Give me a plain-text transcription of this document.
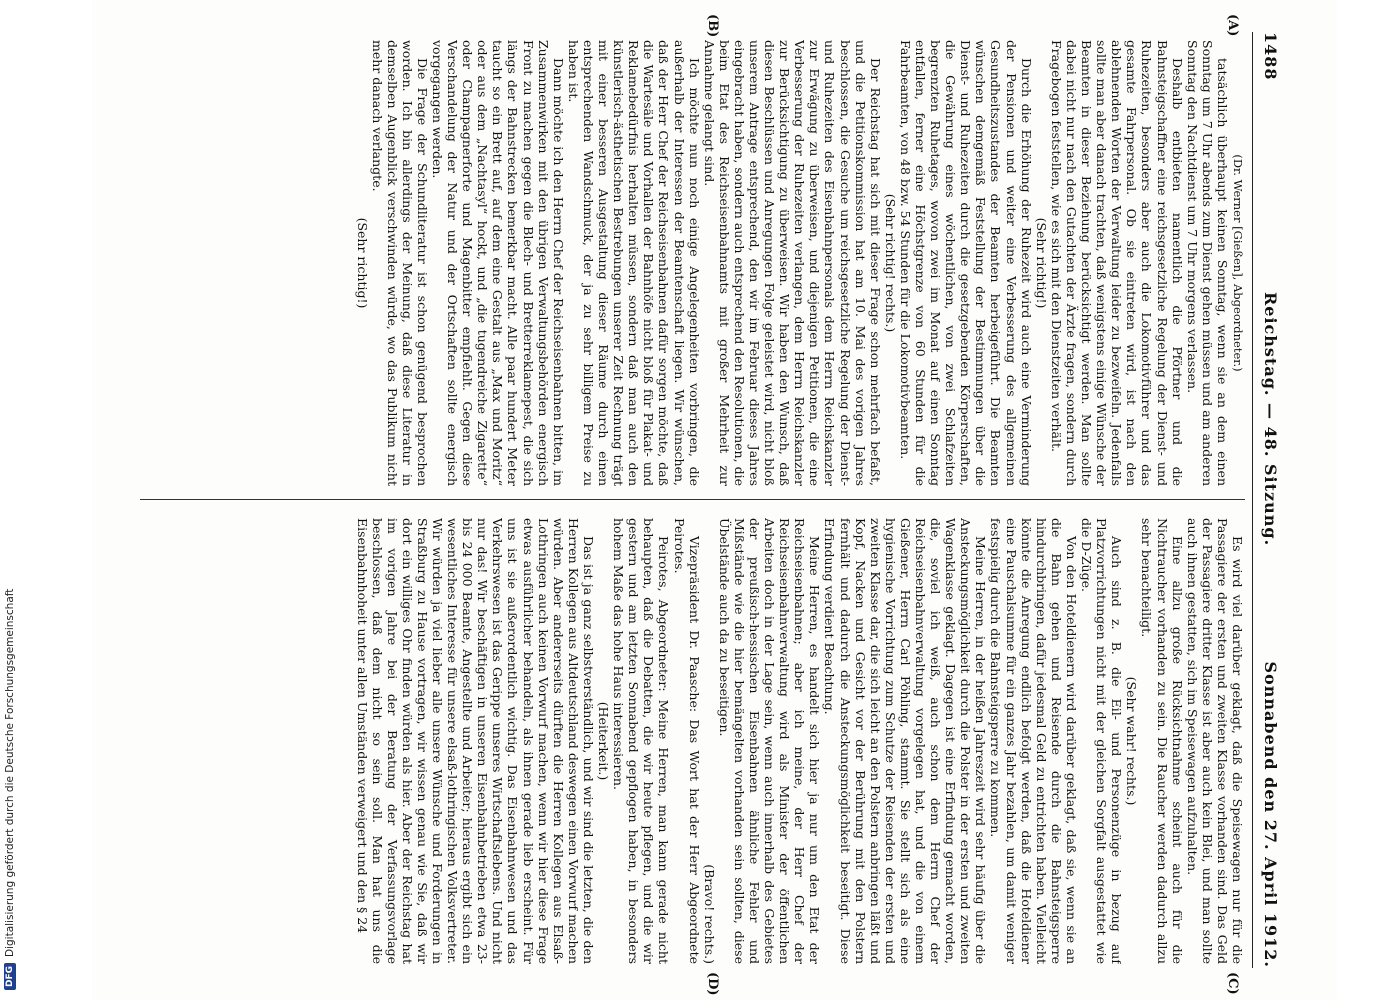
DFG
Digitalisierung gefördert durch die Deutsche Forschungsgemeinschaft
1488
Reichstag. — 48. Sitzung.
Sonnabend den 27. April 1912.
(A)
(B)
(C)
(D)

(Dr. Werner [Gießen], Abgeordneter.)

tatsächlich überhaupt keinen Sonntag, wenn sie an dem einen Sonntag um 7 Uhr abends zum Dienst gehen müssen und am anderen Sonntag den Nachtdienst um 7 Uhr morgens verlassen.

Deshalb entbieten namentlich die Pförtner und die Bahnsteigschaffner eine reichsgesetzliche Regelung der Dienst- und Ruhezeiten, besonders aber auch die Lokomotivführer und das gesamte Fahrpersonal. Ob sie eintreten wird, ist nach den ablehnenden Worten der Verwaltung leider zu bezweifeln. Jedenfalls sollte man aber danach trachten, daß wenigstens einige Wünsche der Beamten in dieser Beziehung berücksichtigt werden. Man sollte dabei nicht nur nach den Gutachten der Ärzte fragen, sondern durch Fragebogen feststellen, wie es sich mit den Dienstzeiten verhält.

(Sehr richtig!)

Durch die Erhöhung der Ruhezeit wird auch eine Verminderung der Pensionen und weiter eine Verbesserung des allgemeinen Gesundheitszustandes der Beamten herbeigeführt. Die Beamten wünschen demgemäß Feststellung der Bestimmungen über die Dienst- und Ruhezeiten durch die gesetzgebenden Körperschaften, die Gewährung eines wöchentlichen, von zwei Schlafzeiten begrenzten Ruhetages, wovon zwei im Monat auf einen Sonntag entfallen, ferner eine Höchstgrenze von 60 Stunden für die Fahrbeamten, von 48 bzw. 54 Stunden für die Lokomotivbeamten.

(Sehr richtig! rechts.)

Der Reichstag hat sich mit dieser Frage schon mehrfach befaßt, und die Petitionskommission hat am 10. Mai des vorigen Jahres beschlossen, die Gesuche um reichsgesetzliche Regelung der Dienst- und Ruhezeiten des Eisenbahnpersonals dem Herrn Reichskanzler zur Erwägung zu überweisen, und diejenigen Petitionen, die eine Verbesserung der Ruhezeiten verlangen, dem Herrn Reichskanzler zur Berücksichtigung zu überweisen. Wir haben den Wunsch, daß diesen Beschlüssen und Anregungen Folge geleistet wird, nicht bloß unserem Antrage entsprechend, den wir im Februar dieses Jahres eingebracht haben, sondern auch entsprechend den Resolutionen, die beim Etat des Reichseisenbahnamts mit großer Mehrheit zur Annahme gelangt sind.

Ich möchte nun noch einige Angelegenheiten vorbringen, die außerhalb der Interessen der Beamtenschaft liegen. Wir wünschen, daß der Herr Chef der Reichseisenbahnen dafür sorgen möchte, daß die Wartesäle und Vorhallen der Bahnhöfe nicht bloß für Plakat- und Reklamebedürfnis herhalten müssen, sondern daß man auch den künstlerisch-ästhetischen Bestrebungen unserer Zeit Rechnung trägt mit einer besseren Ausgestaltung dieser Räume durch einen entsprechenden Wandschmuck, der ja zu sehr billigem Preise zu haben ist.

Dann möchte ich den Herrn Chef der Reichseisenbahnen bitten, im Zusammenwirken mit den übrigen Verwaltungsbehörden energisch Front zu machen gegen die Blech- und Bretterreklamepest, die sich längs der Bahnstrecken bemerkbar macht. Alle paar hundert Meter taucht so ein Brett auf, auf dem eine Gestalt aus „Max und Moritz“ oder aus dem „Nachtasyl“ hockt, und „die tugendreiche Zigarette“ oder Champagnerforte und Magenbitter empfiehlt. Gegen diese Verschandelung der Natur und der Ortschaften sollte energisch vorgegangen werden.

Die Frage der Schundliteratur ist schon genügend besprochen worden. Ich bin allerdings der Meinung, daß diese Literatur in demselben Augenblick verschwinden würde, wo das Publikum nicht mehr danach verlangte.

(Sehr richtig!)

Es wird viel darüber geklagt, daß die Speisewagen nur für die Passagiere der ersten und zweiten Klasse vorhanden sind. Das Geld der Passagiere dritter Klasse ist aber auch kein Blei, und man sollte auch ihnen gestatten, sich im Speisewagen aufzuhalten.

Eine allzu große Rücksichtnahme scheint auch für die Nichtraucher vorhanden zu sein. Die Raucher werden dadurch allzu sehr benachteiligt.

(Sehr wahr! rechts.)

Auch sind z. B. die Eil- und Personenzüge in bezug auf Platzvorrichtungen nicht mit der gleichen Sorgfalt ausgestattet wie die D-Züge.

Von den Hoteldienern wird darüber geklagt, daß sie, wenn sie an die Bahn gehen und Reisende durch die Bahnsteigsperre hindurchbringen, dafür jedesmal Geld zu entrichten haben. Vielleicht könnte die Anregung endlich befolgt werden, daß die Hoteldiener eine Pauschalsumme für ein ganzes Jahr bezahlen, um damit weniger festspielig durch die Bahnsteigsperre zu kommen.

Meine Herren, in der heißen Jahreszeit wird sehr häufig über die Ansteckungsmöglichkeit durch die Polster in der ersten und zweiten Wagenklasse geklagt. Dagegen ist eine Erfindung gemacht worden, die, soviel ich weiß, auch schon dem Herrn Chef der Reichseisenbahnverwaltung vorgelegen hat, und die von einem Gießener, Herrn Carl Pöhling, stammt. Sie stellt sich als eine hygienische Vorrichtung zum Schutze der Reisenden der ersten und zweiten Klasse dar, die sich leicht an den Polstern anbringen läßt und Kopf, Nacken und Gesicht vor der Berührung mit den Polstern fernhält und dadurch die Ansteckungsmöglichkeit beseitigt. Diese Erfindung verdient Beachtung.

Meine Herren, es handelt sich hier ja nur um den Etat der Reichseisenbahnen; aber ich meine, der Herr Chef der Reichseisenbahnverwaltung wird als Minister der öffentlichen Arbeiten doch in der Lage sein, wenn auch innerhalb des Gebietes der preußisch-hessischen Eisenbahnen ähnliche Fehler und Mißstände wie die hier bemängelten vorhanden sein sollten, diese Übelstände auch da zu beseitigen.

(Bravo! rechts.)

Vizepräsident Dr. Paasche: Das Wort hat der Herr Abgeordnete Peirotes.

Peirotes, Abgeordneter: Meine Herren, man kann gerade nicht behaupten, daß die Debatten, die wir heute pflegen, und die wir gestern und am letzten Sonnabend gepflogen haben, in besonders hohem Maße das hohe Haus interessieren.

(Heiterkeit.)

Das ist ja ganz selbstverständlich, und wir sind die letzten, die den Herren Kollegen aus Altdeutschland deswegen einen Vorwurf machen würden. Aber andererseits dürften die Herren Kollegen aus Elsaß-Lothringen auch keinen Vorwurf machen, wenn wir hier diese Frage etwas ausführlicher behandeln, als ihnen gerade lieb erscheint. Für uns ist sie außerordentlich wichtig. Das Eisenbahnwesen und das Verkehrswesen ist das Gerippe unseres Wirtschaftslebens. Und nicht nur das! Wir beschäftigen in unseren Eisenbahnbetrieben etwa 23- bis 24 000 Beamte, Angestellte und Arbeiter; hieraus ergibt sich ein wesentliches Interesse für unsere elsaß-lothringischen Volksvertreter. Wir würden ja viel lieber alle unsere Wünsche und Forderungen in Straßburg zu Hause vortragen, wir wissen genau wie Sie, daß wir dort ein williges Ohr finden würden als hier. Aber der Reichstag hat im vorigen Jahre bei der Beratung der Verfassungsvorlage beschlossen, daß dem nicht so sein soll. Man hat uns die Eisenbahnhoheit unter allen Umständen verweigert und den § 24
